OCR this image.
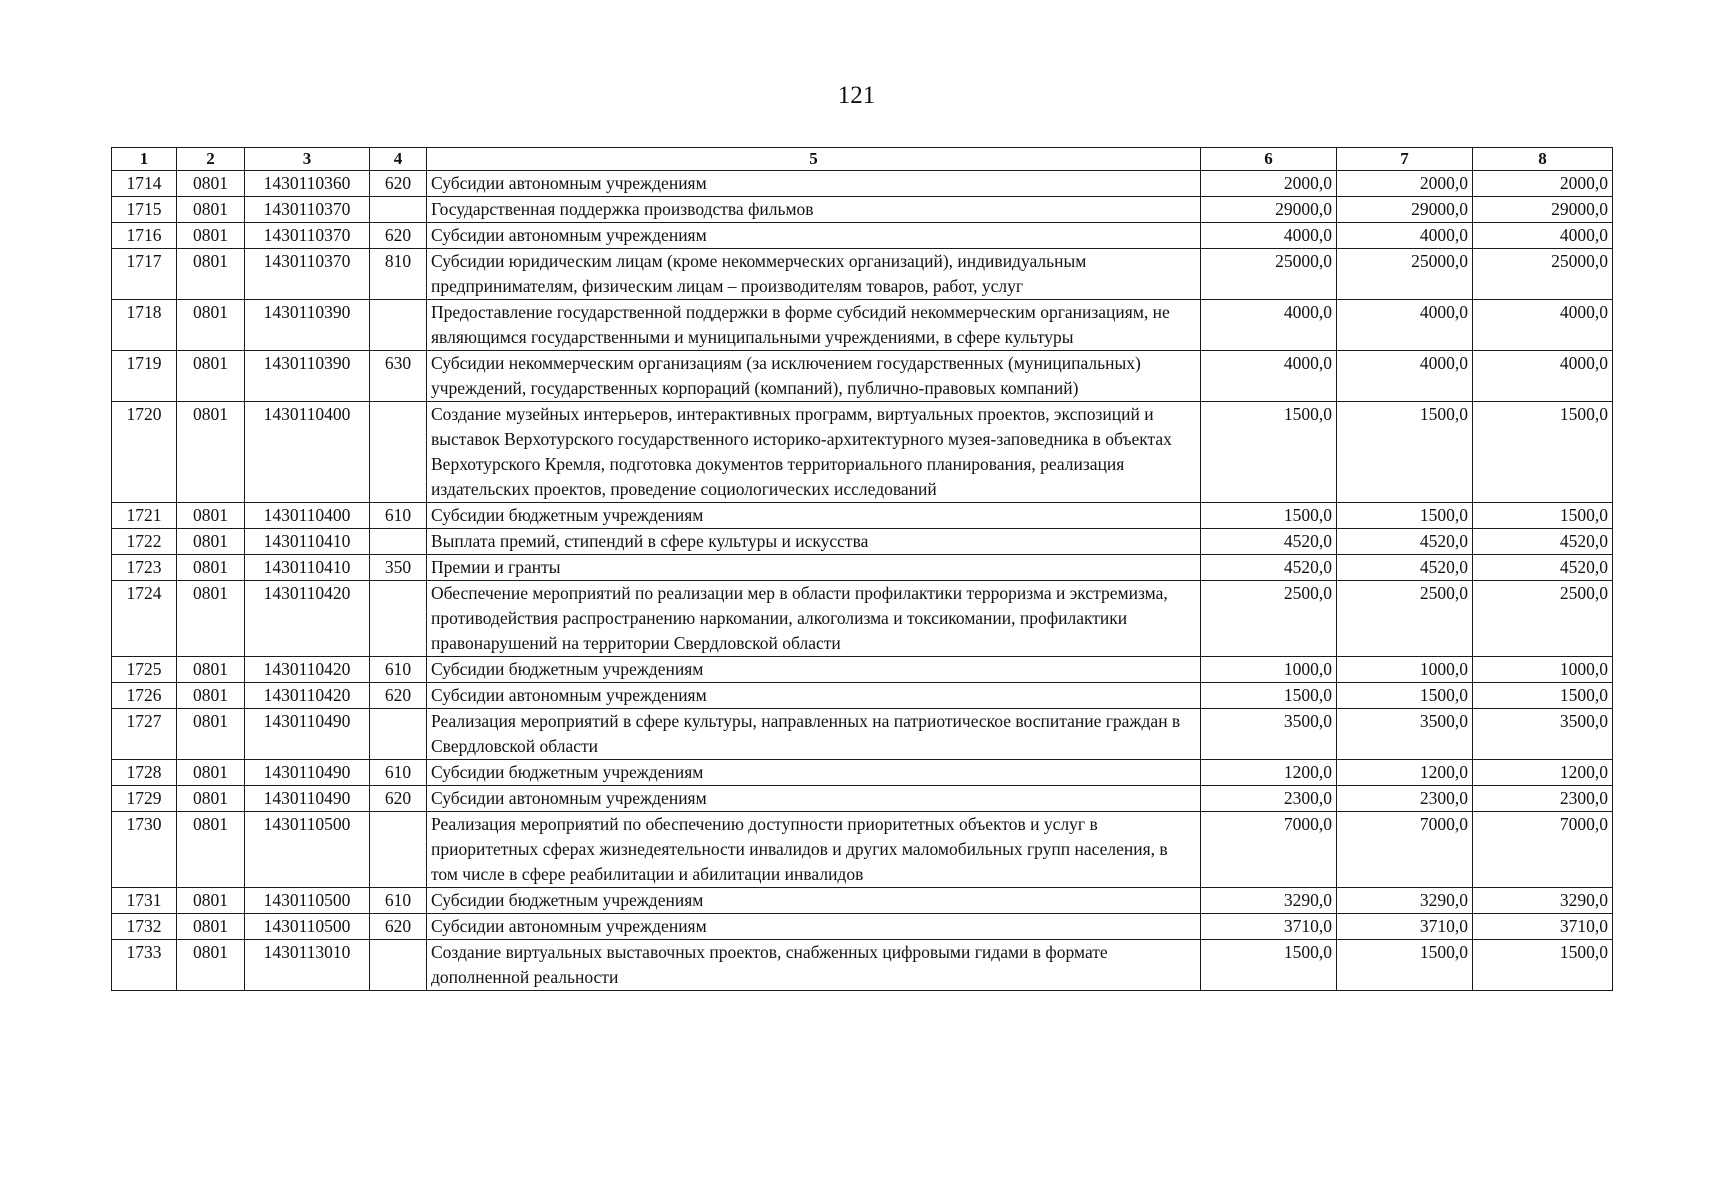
121
1	2	3	4	5	6	7	8
1714	0801	1430110360	620	Субсидии автономным учреждениям	2000,0	2000,0	2000,0
1715	0801	1430110370		Государственная поддержка производства фильмов	29000,0	29000,0	29000,0
1716	0801	1430110370	620	Субсидии автономным учреждениям	4000,0	4000,0	4000,0
1717	0801	1430110370	810	Субсидии юридическим лицам (кроме некоммерческих организаций), индивидуальным предпринимателям, физическим лицам – производителям товаров, работ, услуг	25000,0	25000,0	25000,0
1718	0801	1430110390		Предоставление государственной поддержки в форме субсидий некоммерческим организациям, не являющимся государственными и муниципальными учреждениями, в сфере культуры	4000,0	4000,0	4000,0
1719	0801	1430110390	630	Субсидии некоммерческим организациям (за исключением государственных (муниципальных) учреждений, государственных корпораций (компаний), публично-правовых компаний)	4000,0	4000,0	4000,0
1720	0801	1430110400		Создание музейных интерьеров, интерактивных программ, виртуальных проектов, экспозиций и выставок Верхотурского государственного историко-архитектурного музея-заповедника в объектах Верхотурского Кремля, подготовка документов территориального планирования, реализация издательских проектов, проведение социологических исследований	1500,0	1500,0	1500,0
1721	0801	1430110400	610	Субсидии бюджетным учреждениям	1500,0	1500,0	1500,0
1722	0801	1430110410		Выплата премий, стипендий в сфере культуры и искусства	4520,0	4520,0	4520,0
1723	0801	1430110410	350	Премии и гранты	4520,0	4520,0	4520,0
1724	0801	1430110420		Обеспечение мероприятий по реализации мер в области профилактики терроризма и экстремизма, противодействия распространению наркомании, алкоголизма и токсикомании, профилактики правонарушений на территории Свердловской области	2500,0	2500,0	2500,0
1725	0801	1430110420	610	Субсидии бюджетным учреждениям	1000,0	1000,0	1000,0
1726	0801	1430110420	620	Субсидии автономным учреждениям	1500,0	1500,0	1500,0
1727	0801	1430110490		Реализация мероприятий в сфере культуры, направленных на патриотическое воспитание граждан в Свердловской области	3500,0	3500,0	3500,0
1728	0801	1430110490	610	Субсидии бюджетным учреждениям	1200,0	1200,0	1200,0
1729	0801	1430110490	620	Субсидии автономным учреждениям	2300,0	2300,0	2300,0
1730	0801	1430110500		Реализация мероприятий по обеспечению доступности приоритетных объектов и услуг в приоритетных сферах жизнедеятельности инвалидов и других маломобильных групп населения, в том числе в сфере реабилитации и абилитации инвалидов	7000,0	7000,0	7000,0
1731	0801	1430110500	610	Субсидии бюджетным учреждениям	3290,0	3290,0	3290,0
1732	0801	1430110500	620	Субсидии автономным учреждениям	3710,0	3710,0	3710,0
1733	0801	1430113010		Создание виртуальных выставочных проектов, снабженных цифровыми гидами в формате дополненной реальности	1500,0	1500,0	1500,0
